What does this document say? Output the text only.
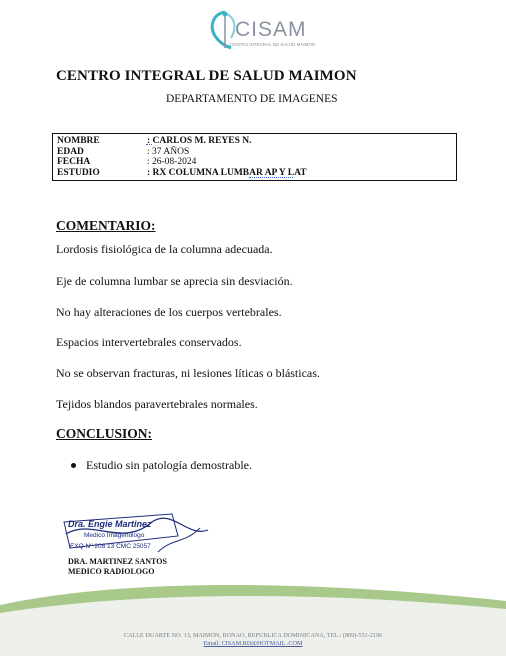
CISAM
CENTRO INTEGRAL DE SALUD MAIMON
CENTRO INTEGRAL DE SALUD MAIMON
DEPARTAMENTO DE IMAGENES
NOMBRE	: CARLOS M. REYES N.
EDAD	: 37 AÑOS
FECHA	: 26-08-2024
ESTUDIO	: RX COLUMNA LUMBAR AP Y LAT
COMENTARIO:
Lordosis fisiológica de la columna adecuada.
Eje de columna lumbar se aprecia sin desviación.
No hay alteraciones de los cuerpos vertebrales.
Espacios intervertebrales conservados.
No se observan fracturas, ni lesiones líticas o blásticas.
Tejidos blandos paravertebrales normales.
CONCLUSION:
Estudio sin patología demostrable.
Dra. Engie Martinez
Medico Imagenologo
EXQ Nº 208 13 CMC 25057
DRA. MARTINEZ SANTOS
MEDICO RADIOLOGO
CALLE DUARTE NO. 13, MAIMÓN, BONAO, REPUBLICA DOMINICANA, TEL.: (809)-551-2196
Email: CISAM.RD@HOTMAIL .COM
